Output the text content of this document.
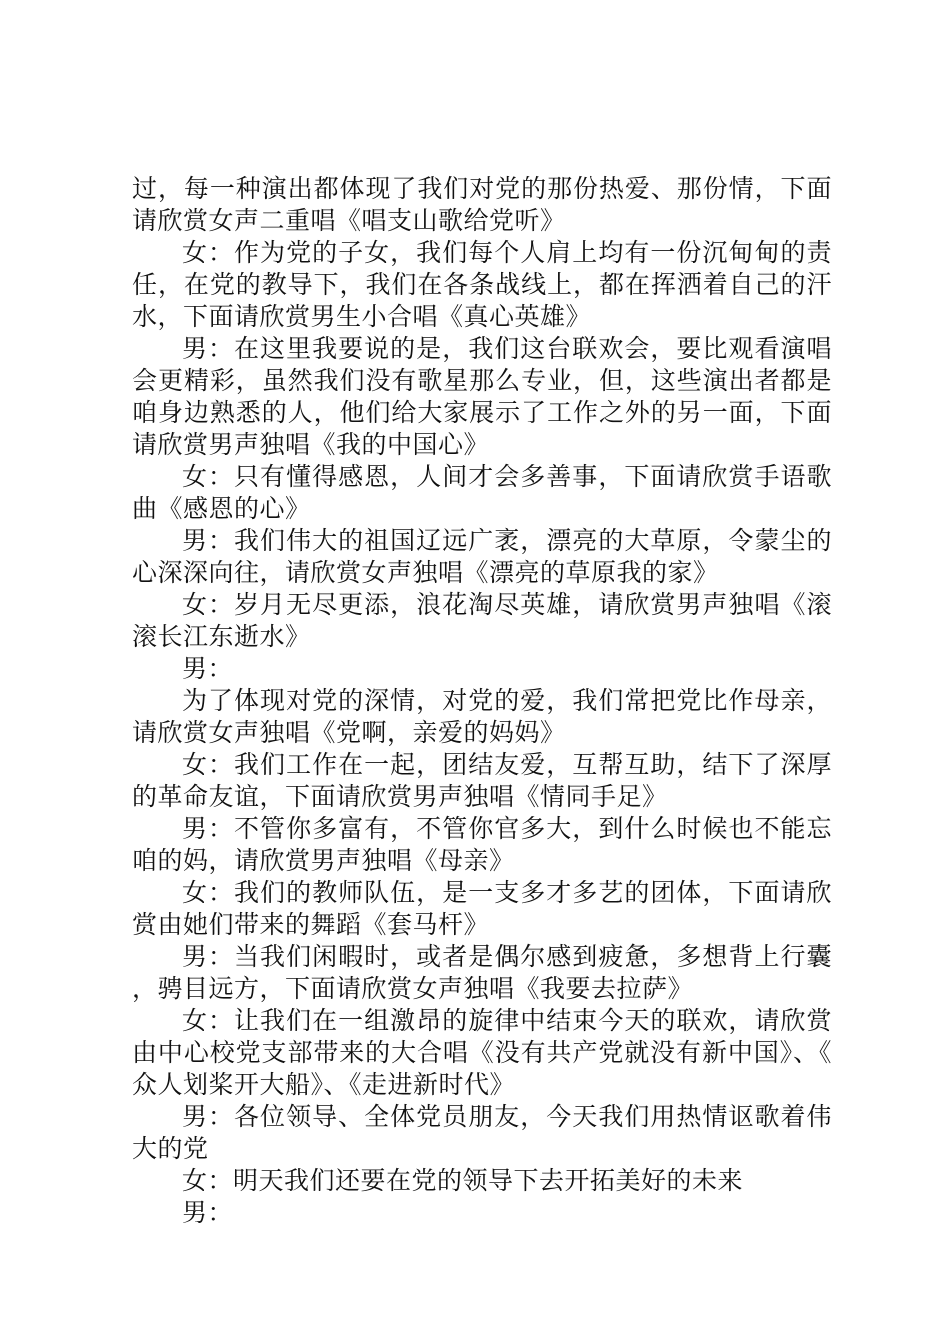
过，每一种演出都体现了我们对党的那份热爱、那份情，下面请欣赏女声二重唱《唱支山歌给党听》

女：作为党的子女，我们每个人肩上均有一份沉甸甸的责任，在党的教导下，我们在各条战线上，都在挥洒着自己的汗水，下面请欣赏男生小合唱《真心英雄》

男：在这里我要说的是，我们这台联欢会，要比观看演唱会更精彩，虽然我们没有歌星那么专业，但，这些演出者都是咱身边熟悉的人，他们给大家展示了工作之外的另一面，下面请欣赏男声独唱《我的中国心》

女：只有懂得感恩，人间才会多善事，下面请欣赏手语歌曲《感恩的心》

男：我们伟大的祖国辽远广袤，漂亮的大草原，令蒙尘的心深深向往，请欣赏女声独唱《漂亮的草原我的家》

女：岁月无尽更添，浪花淘尽英雄，请欣赏男声独唱《滚滚长江东逝水》

男：

为了体现对党的深情，对党的爱，我们常把党比作母亲，请欣赏女声独唱《党啊，亲爱的妈妈》

女：我们工作在一起，团结友爱，互帮互助，结下了深厚的革命友谊，下面请欣赏男声独唱《情同手足》

男：不管你多富有，不管你官多大，到什么时候也不能忘咱的妈，请欣赏男声独唱《母亲》

女：我们的教师队伍，是一支多才多艺的团体，下面请欣赏由她们带来的舞蹈《套马杆》

男：当我们闲暇时，或者是偶尔感到疲惫，多想背上行囊，骋目远方，下面请欣赏女声独唱《我要去拉萨》

女：让我们在一组激昂的旋律中结束今天的联欢，请欣赏由中心校党支部带来的大合唱《没有共产党就没有新中国》、《众人划桨开大船》、《走进新时代》

男：各位领导、全体党员朋友，今天我们用热情讴歌着伟大的党

女：明天我们还要在党的领导下去开拓美好的未来

男：
